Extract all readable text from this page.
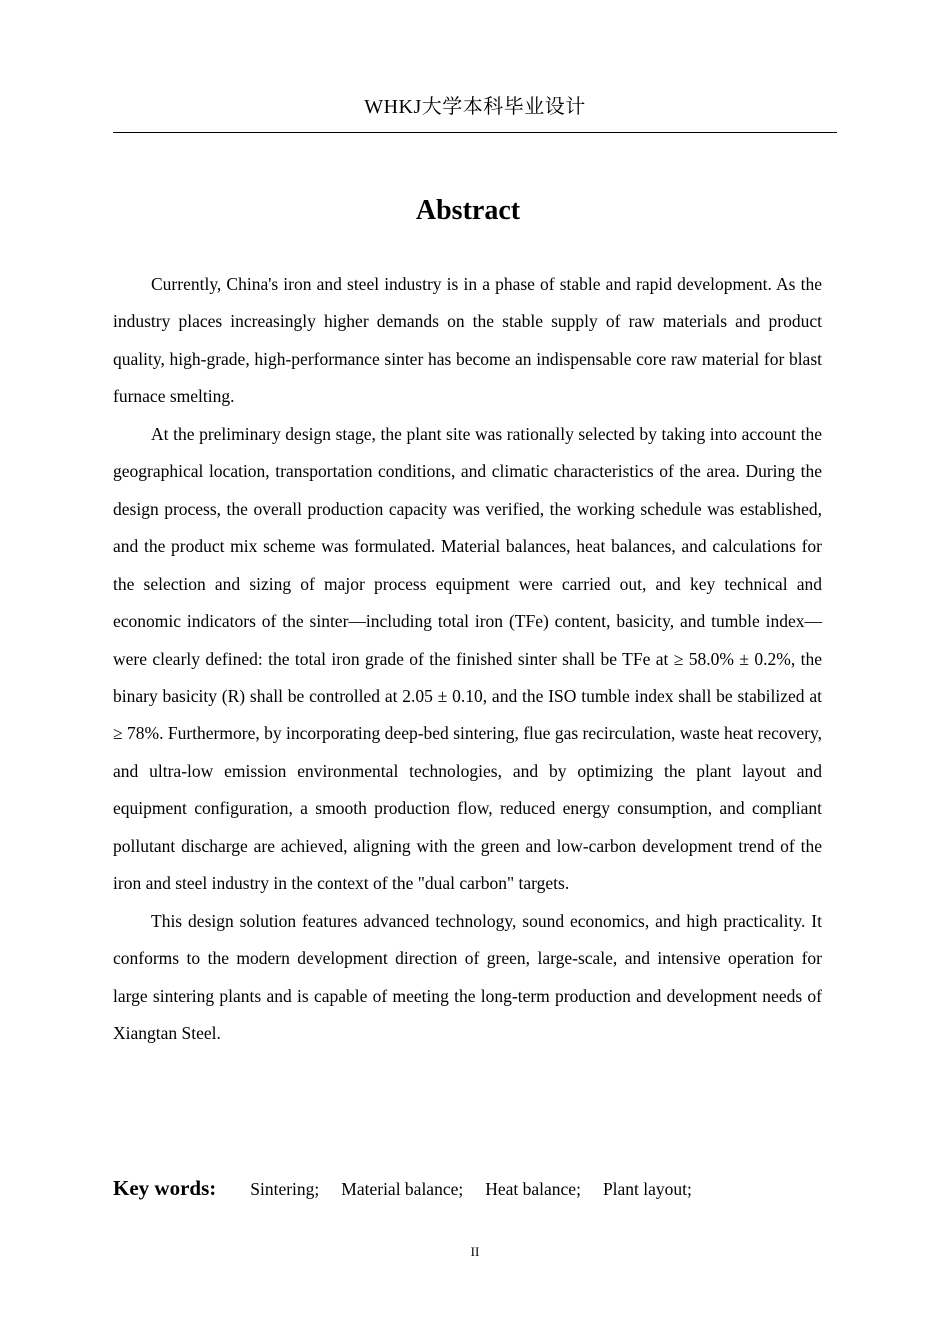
WHKJ大学本科毕业设计
Abstract

Currently, China's iron and steel industry is in a phase of stable and rapid development. As the industry places increasingly higher demands on the stable supply of raw materials and product quality, high-grade, high-performance sinter has become an indispensable core raw material for blast furnace smelting.

At the preliminary design stage, the plant site was rationally selected by taking into account the geographical location, transportation conditions, and climatic characteristics of the area. During the design process, the overall production capacity was verified, the working schedule was established, and the product mix scheme was formulated. Material balances, heat balances, and calculations for the selection and sizing of major process equipment were carried out, and key technical and economic indicators of the sinter—including total iron (TFe) content, basicity, and tumble index—were clearly defined: the total iron grade of the finished sinter shall be TFe at ≥ 58.0% ± 0.2%, the binary basicity (R) shall be controlled at 2.05 ± 0.10, and the ISO tumble index shall be stabilized at ≥ 78%. Furthermore, by incorporating deep-bed sintering, flue gas recirculation, waste heat recovery, and ultra-low emission environmental technologies, and by optimizing the plant layout and equipment configuration, a smooth production flow, reduced energy consumption, and compliant pollutant discharge are achieved, aligning with the green and low-carbon development trend of the iron and steel industry in the context of the "dual carbon" targets.

This design solution features advanced technology, sound economics, and high practicality. It conforms to the modern development direction of green, large-scale, and intensive operation for large sintering plants and is capable of meeting the long-term production and development needs of Xiangtan Steel.

Key words: Sintering; Material balance; Heat balance; Plant layout;
II
